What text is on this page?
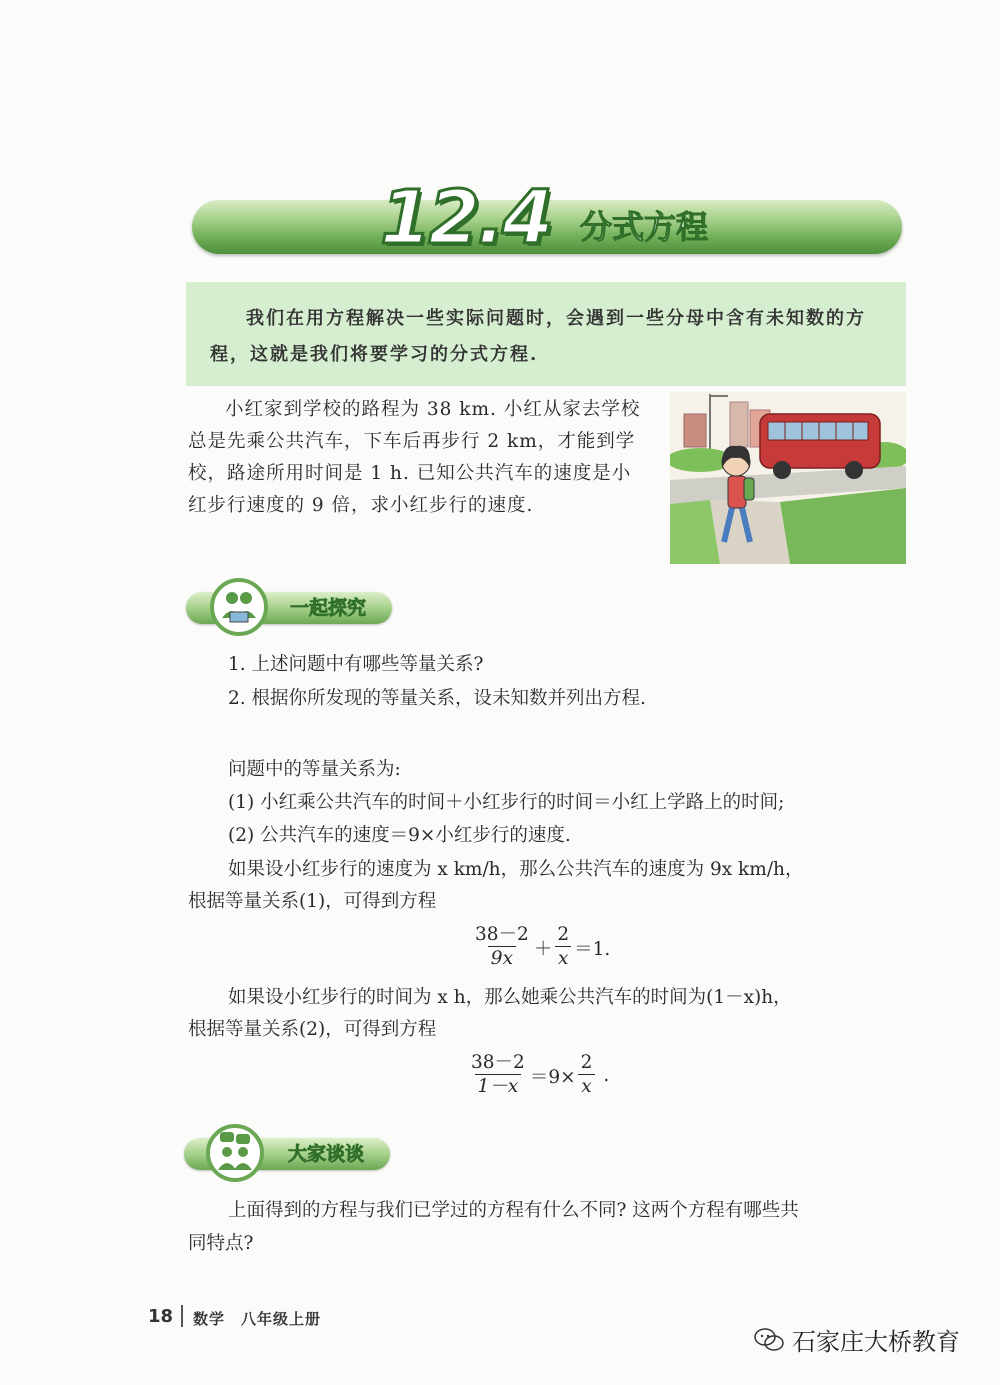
12.4 分式方程
我们在用方程解决一些实际问题时，会遇到一些分母中含有未知数的方程，这就是我们将要学习的分式方程.
小红家到学校的路程为 38 km. 小红从家去学校总是先乘公共汽车，下车后再步行 2 km，才能到学校，路途所用时间是 1 h. 已知公共汽车的速度是小红步行速度的 9 倍，求小红步行的速度.
一起探究
1. 上述问题中有哪些等量关系?
2. 根据你所发现的等量关系，设未知数并列出方程.
问题中的等量关系为:
(1) 小红乘公共汽车的时间＋小红步行的时间＝小红上学路上的时间;
(2) 公共汽车的速度＝9×小红步行的速度.
如果设小红步行的速度为 x km/h，那么公共汽车的速度为 9x km/h，
根据等量关系(1)，可得到方程
$\frac{38-2}{9x} + \frac{2}{x} =1$.
如果设小红步行的时间为 x h，那么她乘公共汽车的时间为(1－x)h，
根据等量关系(2)，可得到方程
$\frac{38-2}{1-x} =9\times \frac{2}{x}$ .
大家谈谈
上面得到的方程与我们已学过的方程有什么不同? 这两个方程有哪些共
同特点?
18 数学　八年级上册
石家庄大桥教育
